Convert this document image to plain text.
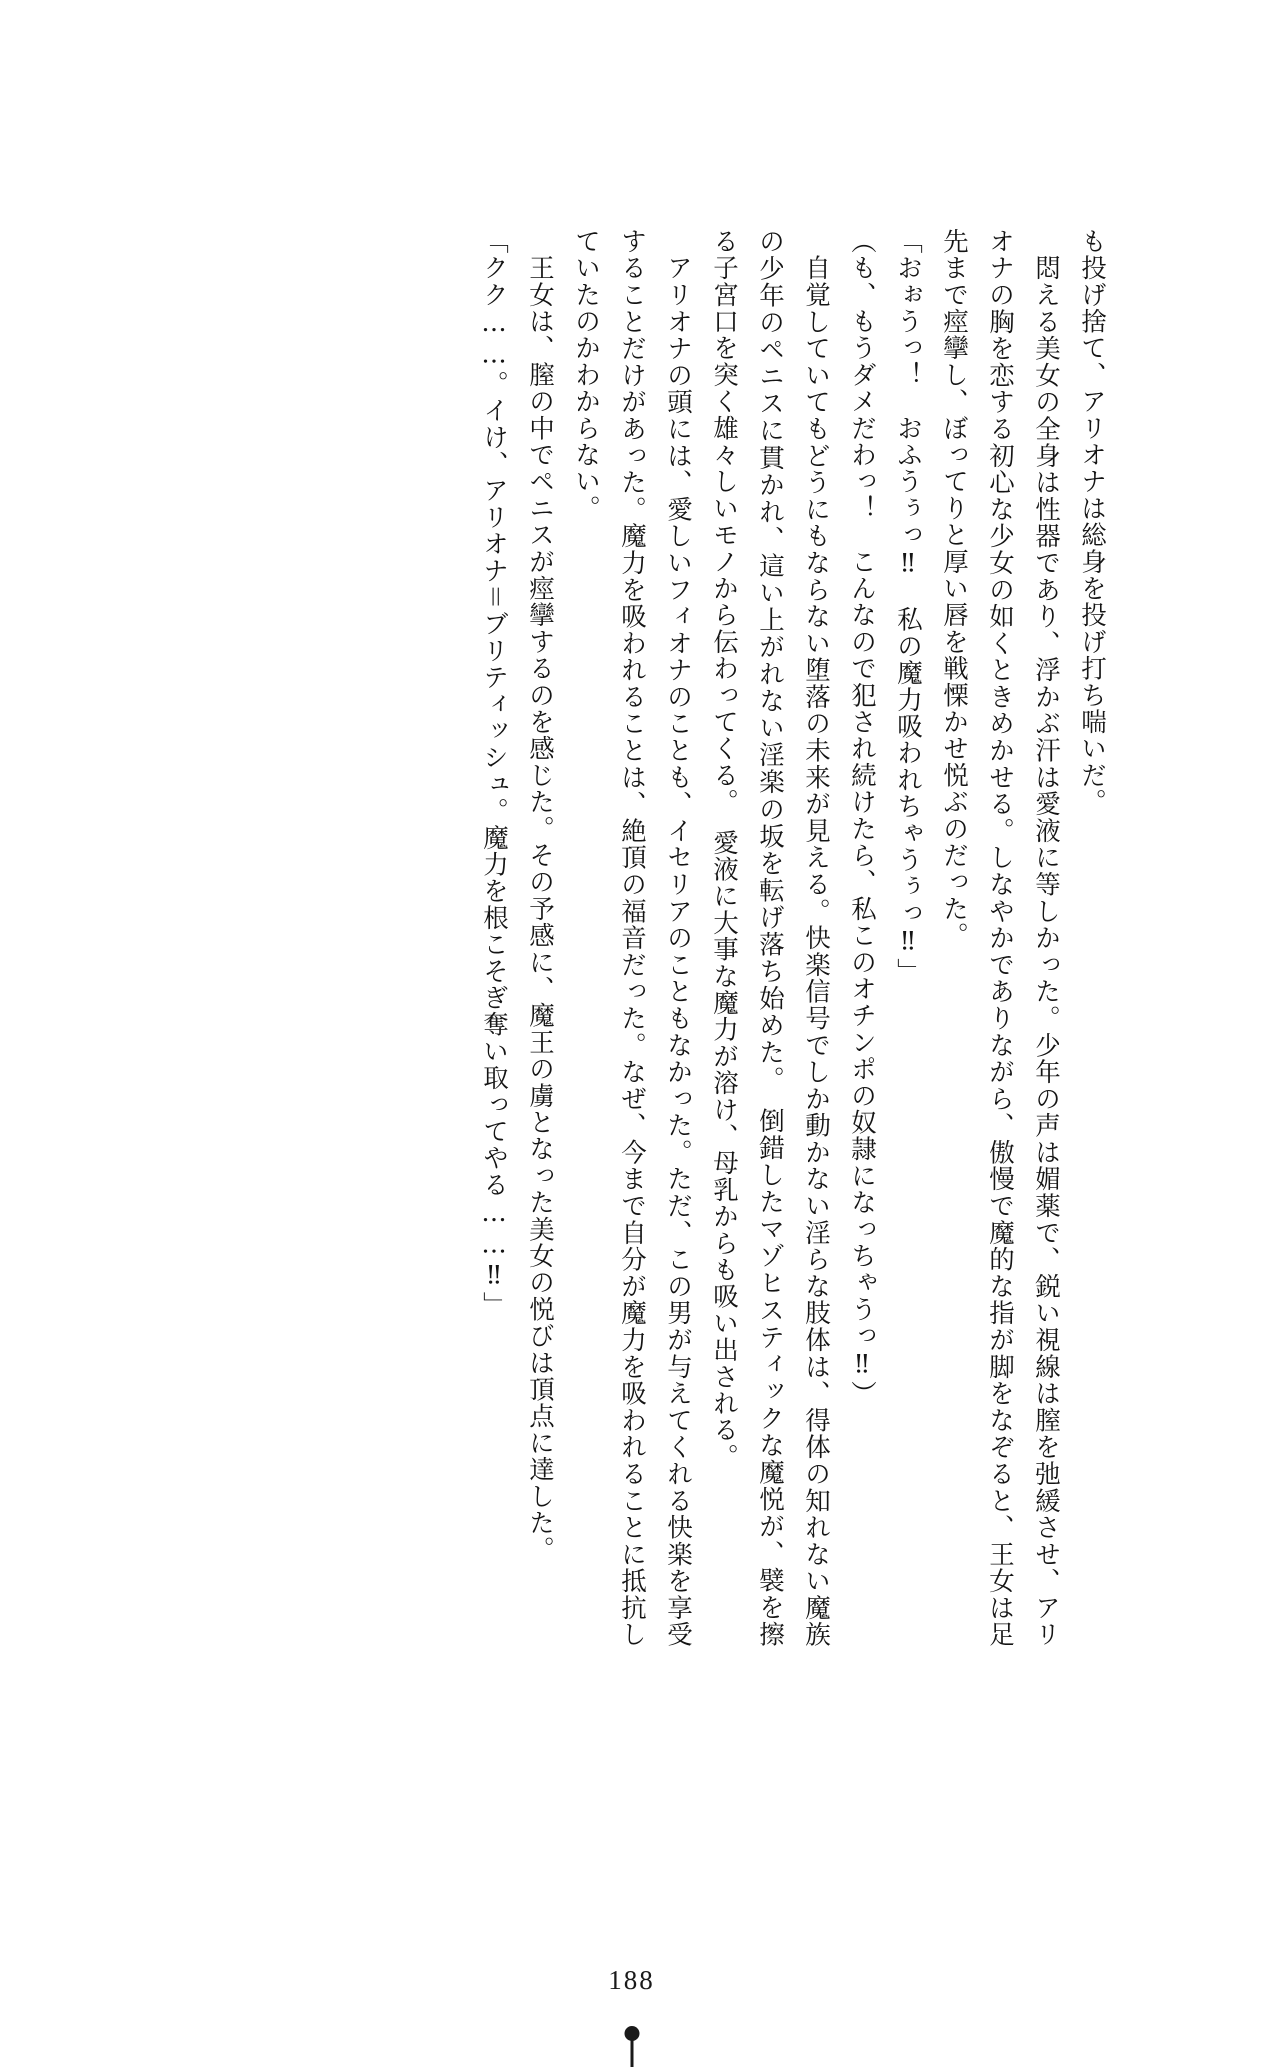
も投げ捨て、アリオナは総身を投げ打ち喘いだ。

　悶える美女の全身は性器であり、浮かぶ汗は愛液に等しかった。少年の声は媚薬で、鋭い視線は膣を弛緩させ、アリオナの胸を恋する初心な少女の如くときめかせる。しなやかでありながら、傲慢で魔的な指が脚をなぞると、王女は足先まで痙攣し、ぼってりと厚い唇を戦慄かせ悦ぶのだった。

「おぉうっ！　おふうぅっ‼　私の魔力吸われちゃうぅっ‼」

（も、もうダメだわっ！　こんなので犯され続けたら、私このオチンポの奴隷になっちゃうっ‼）

　自覚していてもどうにもならない堕落の未来が見える。快楽信号でしか動かない淫らな肢体は、得体の知れない魔族の少年のペニスに貫かれ、這い上がれない淫楽の坂を転げ落ち始めた。　倒錯したマゾヒスティックな魔悦が、襞を擦る子宮口を突く雄々しいモノから伝わってくる。　愛液に大事な魔力が溶け、母乳からも吸い出される。

　アリオナの頭には、愛しいフィオナのことも、イセリアのこともなかった。ただ、この男が与えてくれる快楽を享受することだけがあった。魔力を吸われることは、絶頂の福音だった。なぜ、今まで自分が魔力を吸われることに抵抗していたのかわからない。

　王女は、膣の中でペニスが痙攣するのを感じた。その予感に、魔王の虜となった美女の悦びは頂点に達した。

「クク……。イけ、アリオナ＝ブリティッシュ。魔力を根こそぎ奪い取ってやる……‼」

188
